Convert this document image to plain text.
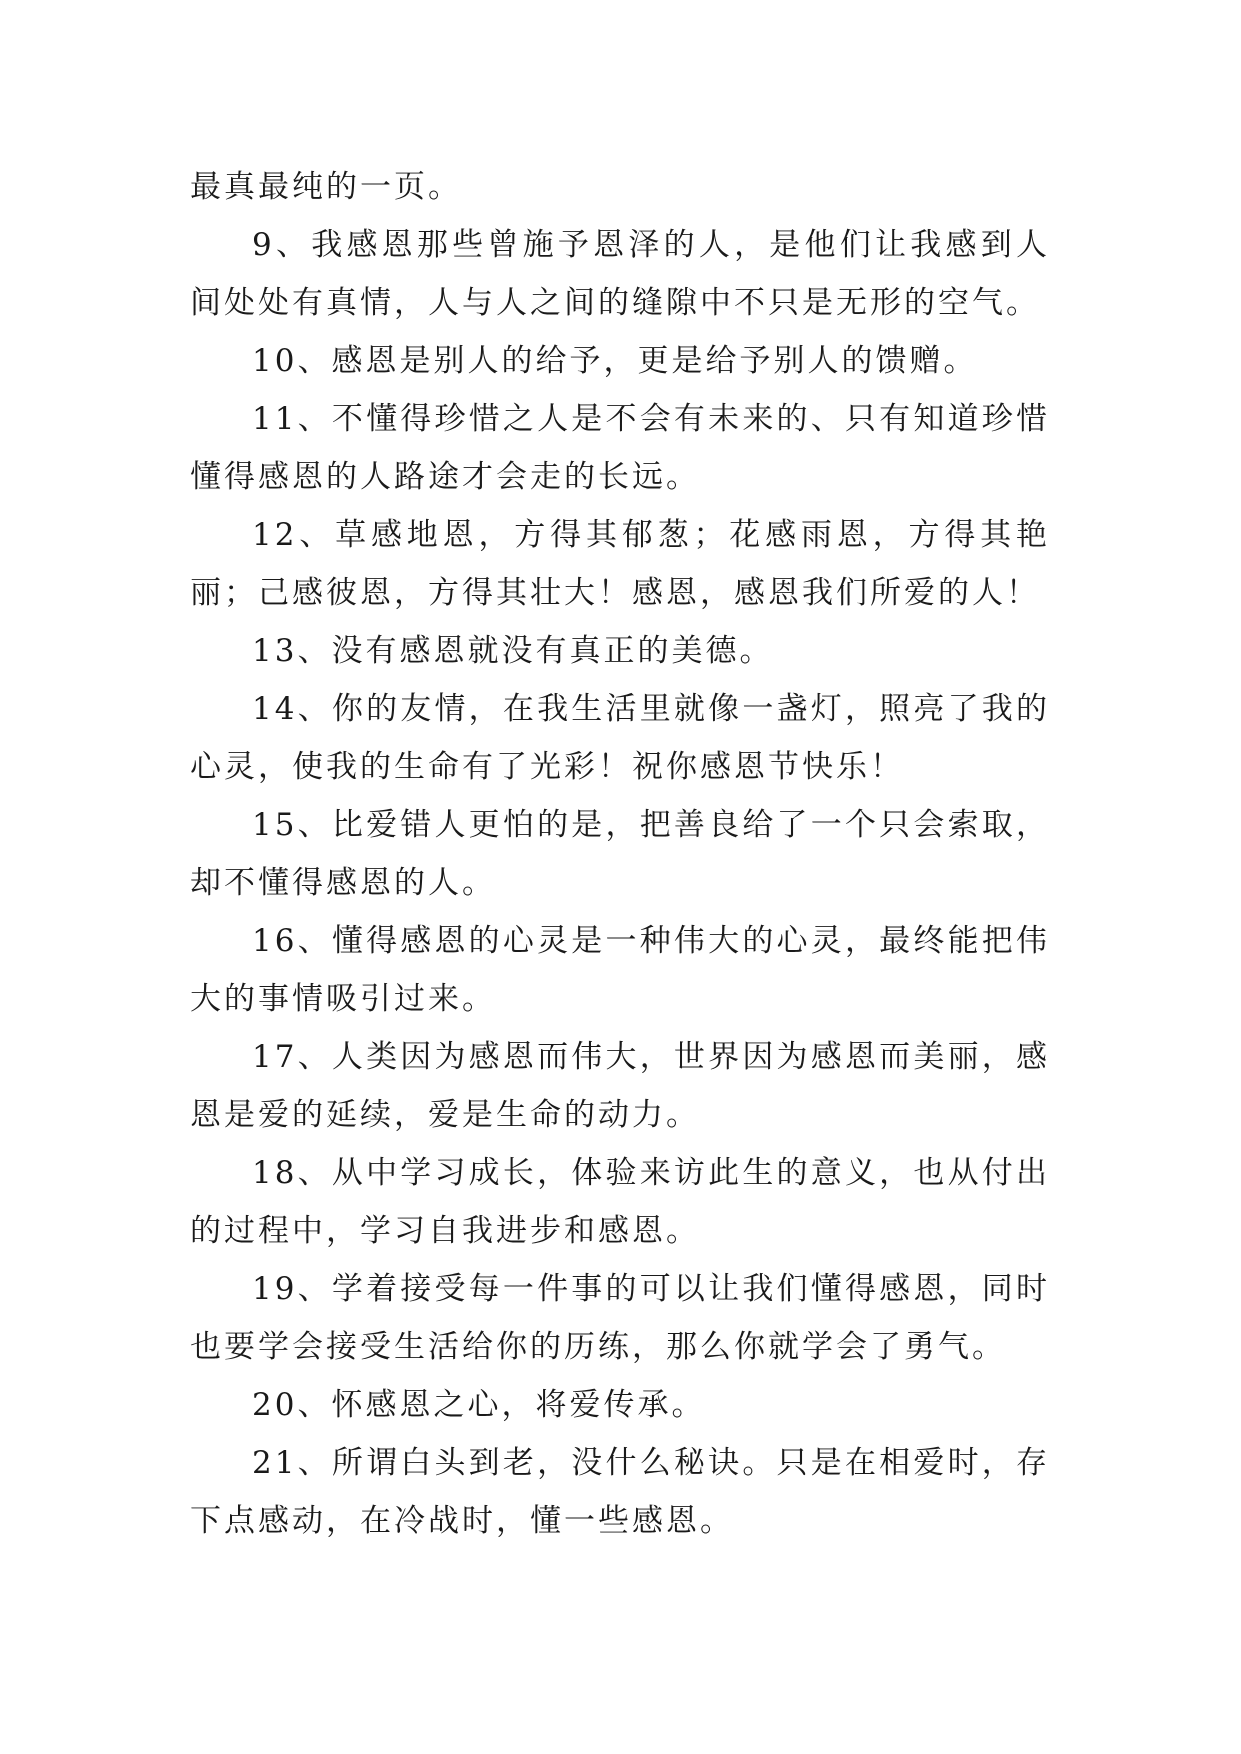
最真最纯的一页。

9、我感恩那些曾施予恩泽的人，是他们让我感到人间处处有真情，人与人之间的缝隙中不只是无形的空气。

10、感恩是别人的给予，更是给予别人的馈赠。

11、不懂得珍惜之人是不会有未来的、只有知道珍惜懂得感恩的人路途才会走的长远。

12、草感地恩，方得其郁葱；花感雨恩，方得其艳丽；己感彼恩，方得其壮大！感恩，感恩我们所爱的人！

13、没有感恩就没有真正的美德。

14、你的友情，在我生活里就像一盏灯，照亮了我的心灵，使我的生命有了光彩！祝你感恩节快乐！

15、比爱错人更怕的是，把善良给了一个只会索取，却不懂得感恩的人。

16、懂得感恩的心灵是一种伟大的心灵，最终能把伟大的事情吸引过来。

17、人类因为感恩而伟大，世界因为感恩而美丽，感恩是爱的延续，爱是生命的动力。

18、从中学习成长，体验来访此生的意义，也从付出的过程中，学习自我进步和感恩。

19、学着接受每一件事的可以让我们懂得感恩，同时也要学会接受生活给你的历练，那么你就学会了勇气。

20、怀感恩之心，将爱传承。

21、所谓白头到老，没什么秘诀。只是在相爱时，存下点感动，在冷战时，懂一些感恩。
